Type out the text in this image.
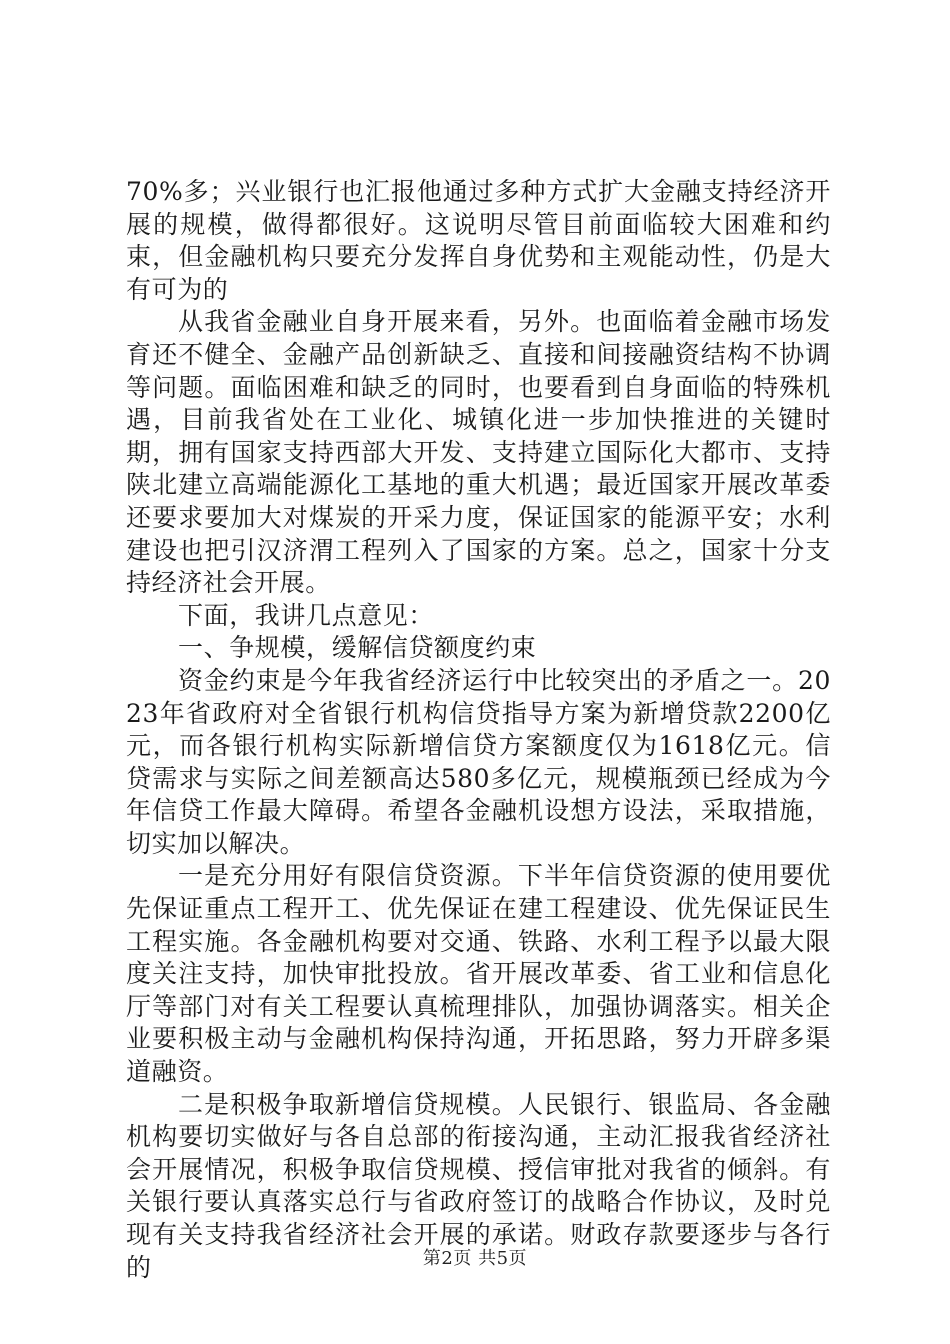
70%多；兴业银行也汇报他通过多种方式扩大金融支持经济开展的规模，做得都很好。这说明尽管目前面临较大困难和约束，但金融机构只要充分发挥自身优势和主观能动性，仍是大有可为的

从我省金融业自身开展来看，另外。也面临着金融市场发育还不健全、金融产品创新缺乏、直接和间接融资结构不协调等问题。面临困难和缺乏的同时，也要看到自身面临的特殊机遇，目前我省处在工业化、城镇化进一步加快推进的关键时期，拥有国家支持西部大开发、支持建立国际化大都市、支持陕北建立高端能源化工基地的重大机遇；最近国家开展改革委还要求要加大对煤炭的开采力度，保证国家的能源平安；水利建设也把引汉济渭工程列入了国家的方案。总之，国家十分支持经济社会开展。

下面，我讲几点意见：

一、争规模，缓解信贷额度约束

资金约束是今年我省经济运行中比较突出的矛盾之一。2023年省政府对全省银行机构信贷指导方案为新增贷款2200亿元，而各银行机构实际新增信贷方案额度仅为1618亿元。信贷需求与实际之间差额高达580多亿元，规模瓶颈已经成为今年信贷工作最大障碍。希望各金融机设想方设法，采取措施，切实加以解决。

一是充分用好有限信贷资源。下半年信贷资源的使用要优先保证重点工程开工、优先保证在建工程建设、优先保证民生工程实施。各金融机构要对交通、铁路、水利工程予以最大限度关注支持，加快审批投放。省开展改革委、省工业和信息化厅等部门对有关工程要认真梳理排队，加强协调落实。相关企业要积极主动与金融机构保持沟通，开拓思路，努力开辟多渠道融资。

二是积极争取新增信贷规模。人民银行、银监局、各金融机构要切实做好与各自总部的衔接沟通，主动汇报我省经济社会开展情况，积极争取信贷规模、授信审批对我省的倾斜。有关银行要认真落实总行与省政府签订的战略合作协议，及时兑现有关支持我省经济社会开展的承诺。财政存款要逐步与各行的	第2页 共5页
